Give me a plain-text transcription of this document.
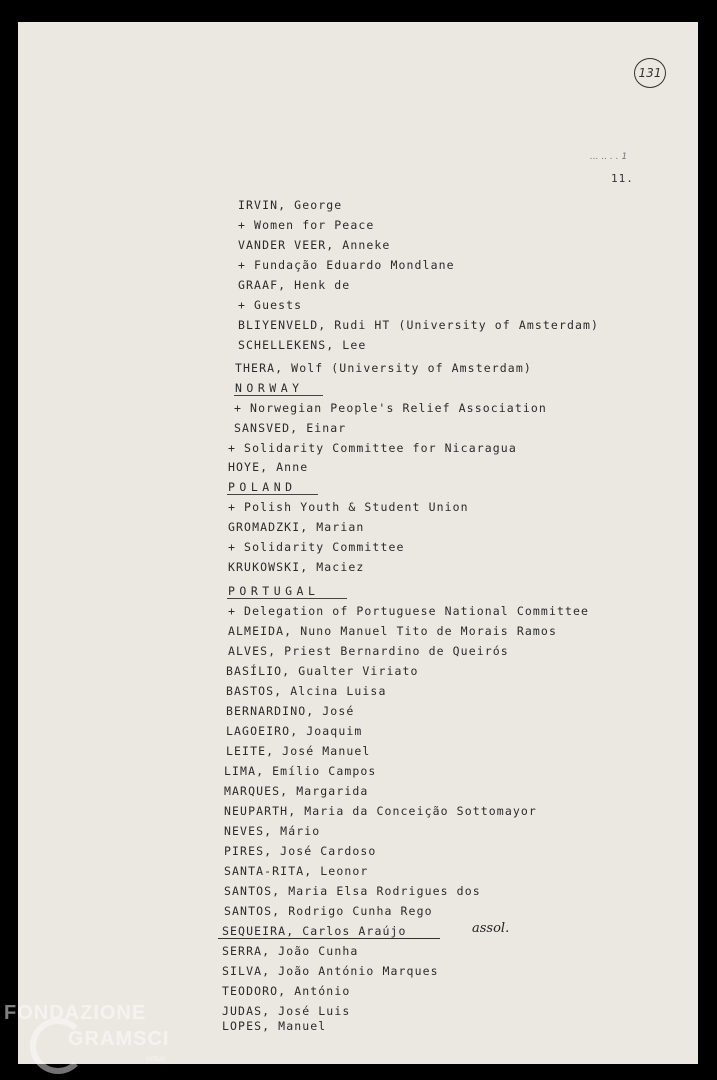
131
... .. . . 1
11.
IRVIN, George
+ Women for Peace
VANDER VEER, Anneke
+ Fundação Eduardo Mondlane
GRAAF, Henk de
+ Guests
BLIYENVELD, Rudi HT (University of Amsterdam)
SCHELLEKENS, Lee
THERA, Wolf (University of Amsterdam)
NORWAY
+ Norwegian People's Relief Association
SANSVED, Einar
+ Solidarity Committee for Nicaragua
HOYE, Anne
POLAND
+ Polish Youth & Student Union
GROMADZKI, Marian
+ Solidarity Committee
KRUKOWSKI, Maciez
PORTUGAL
+ Delegation of Portuguese National Committee
ALMEIDA, Nuno Manuel Tito de Morais Ramos
ALVES, Priest Bernardino de Queirós
BASÍLIO, Gualter Viriato
BASTOS, Alcina Luisa
BERNARDINO, José
LAGOEIRO, Joaquim
LEITE, José Manuel
LIMA, Emílio Campos
MARQUES, Margarida
NEUPARTH, Maria da Conceição Sottomayor
NEVES, Mário
PIRES, José Cardoso
SANTA-RITA, Leonor
SANTOS, Maria Elsa Rodrigues dos
SANTOS, Rodrigo Cunha Rego
SEQUEIRA, Carlos Araújo
SERRA, João Cunha
SILVA, João António Marques
TEODORO, António
JUDAS, José Luis
LOPES, Manuel
assol.
FONDAZIONE
GRAMSCI
onlus
